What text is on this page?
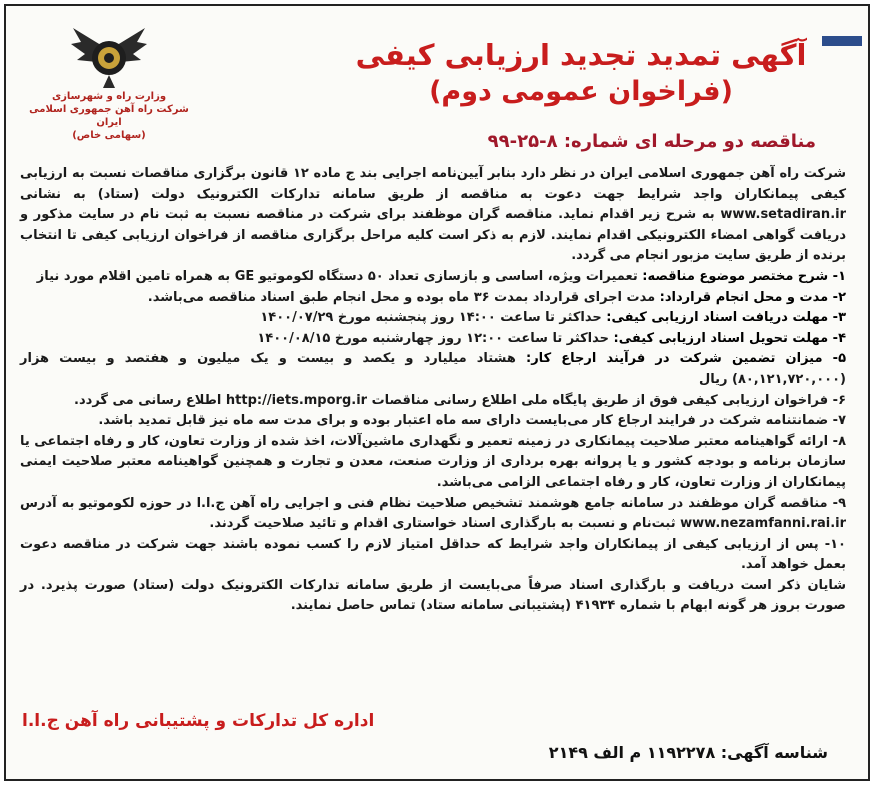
وزارت راه و شهرسازی
شرکت راه آهن جمهوری اسلامی ایران
(سهامی خاص)

آگهی تمدید تجدید ارزیابی کیفی

(فراخوان عمومی دوم)

مناقصه دو مرحله ای شماره: ۸-۲۵-۹۹

شرکت راه آهن جمهوری اسلامی ایران در نظر دارد بنابر آیین‌نامه اجرایی بند ج ماده ۱۲ قانون برگزاری مناقصات نسبت به ارزیابی کیفی پیمانکاران واجد شرایط جهت دعوت به مناقصه از طریق سامانه تدارکات الکترونیک دولت (ستاد) به نشانی www.setadiran.ir به شرح زیر اقدام نماید. مناقصه گران موظفند برای شرکت در مناقصه نسبت به ثبت نام در سایت مذکور و دریافت گواهی امضاء الکترونیکی اقدام نمایند. لازم به ذکر است کلیه مراحل برگزاری مناقصه از فراخوان ارزیابی کیفی تا انتخاب برنده از طریق سایت مزبور انجام می گردد.

۱- شرح مختصر موضوع مناقصه: تعمیرات ویژه، اساسی و بازسازی تعداد ۵۰ دستگاه لکوموتیو GE به همراه تامین اقلام مورد نیاز

۲- مدت و محل انجام قرارداد: مدت اجرای قرارداد بمدت ۳۶ ماه بوده و محل انجام طبق اسناد مناقصه می‌باشد.

۳- مهلت دریافت اسناد ارزیابی کیفی: حداکثر تا ساعت ۱۴:۰۰ روز پنجشنبه مورخ ۱۴۰۰/۰۷/۲۹

۴- مهلت تحویل اسناد ارزیابی کیفی: حداکثر تا ساعت ۱۲:۰۰ روز چهارشنبه مورخ ۱۴۰۰/۰۸/۱۵

۵- میزان تضمین شرکت در فرآیند ارجاع کار: هشتاد میلیارد و یکصد و بیست و یک میلیون و هفتصد و بیست هزار (۸۰,۱۲۱,۷۲۰,۰۰۰) ریال

۶- فراخوان ارزیابی کیفی فوق از طریق پایگاه ملی اطلاع رسانی مناقصات http://iets.mporg.ir اطلاع رسانی می گردد.

۷- ضمانتنامه شرکت در فرایند ارجاع کار می‌بایست دارای سه ماه اعتبار بوده و برای مدت سه ماه نیز قابل تمدید باشد.

۸- ارائه گواهینامه معتبر صلاحیت پیمانکاری در زمینه تعمیر و نگهداری ماشین‌آلات، اخذ شده از وزارت تعاون، کار و رفاه اجتماعی یا سازمان برنامه و بودجه کشور و یا پروانه بهره برداری از وزارت صنعت، معدن و تجارت و همچنین گواهینامه معتبر صلاحیت ایمنی پیمانکاران از وزارت تعاون، کار و رفاه اجتماعی الزامی می‌باشد.

۹- مناقصه گران موظفند در سامانه جامع هوشمند تشخیص صلاحیت نظام فنی و اجرایی راه آهن ج.ا.ا در حوزه لکوموتیو به آدرس www.nezamfanni.rai.ir ثبت‌نام و نسبت به بارگذاری اسناد خواستاری اقدام و تائید صلاحیت گردند.

۱۰- پس از ارزیابی کیفی از پیمانکاران واجد شرایط که حداقل امتیاز لازم را کسب نموده باشند جهت شرکت در مناقصه دعوت بعمل خواهد آمد.

شایان ذکر است دریافت و بارگذاری اسناد صرفاً می‌بایست از طریق سامانه تدارکات الکترونیک دولت (ستاد) صورت پذیرد. در صورت بروز هر گونه ابهام با شماره ۴۱۹۳۴ (پشتیبانی سامانه ستاد) تماس حاصل نمایند.

اداره کل تدارکات و پشتیبانی راه آهن ج.ا.ا
شناسه آگهی: ۱۱۹۲۲۷۸ م الف ۲۱۴۹
